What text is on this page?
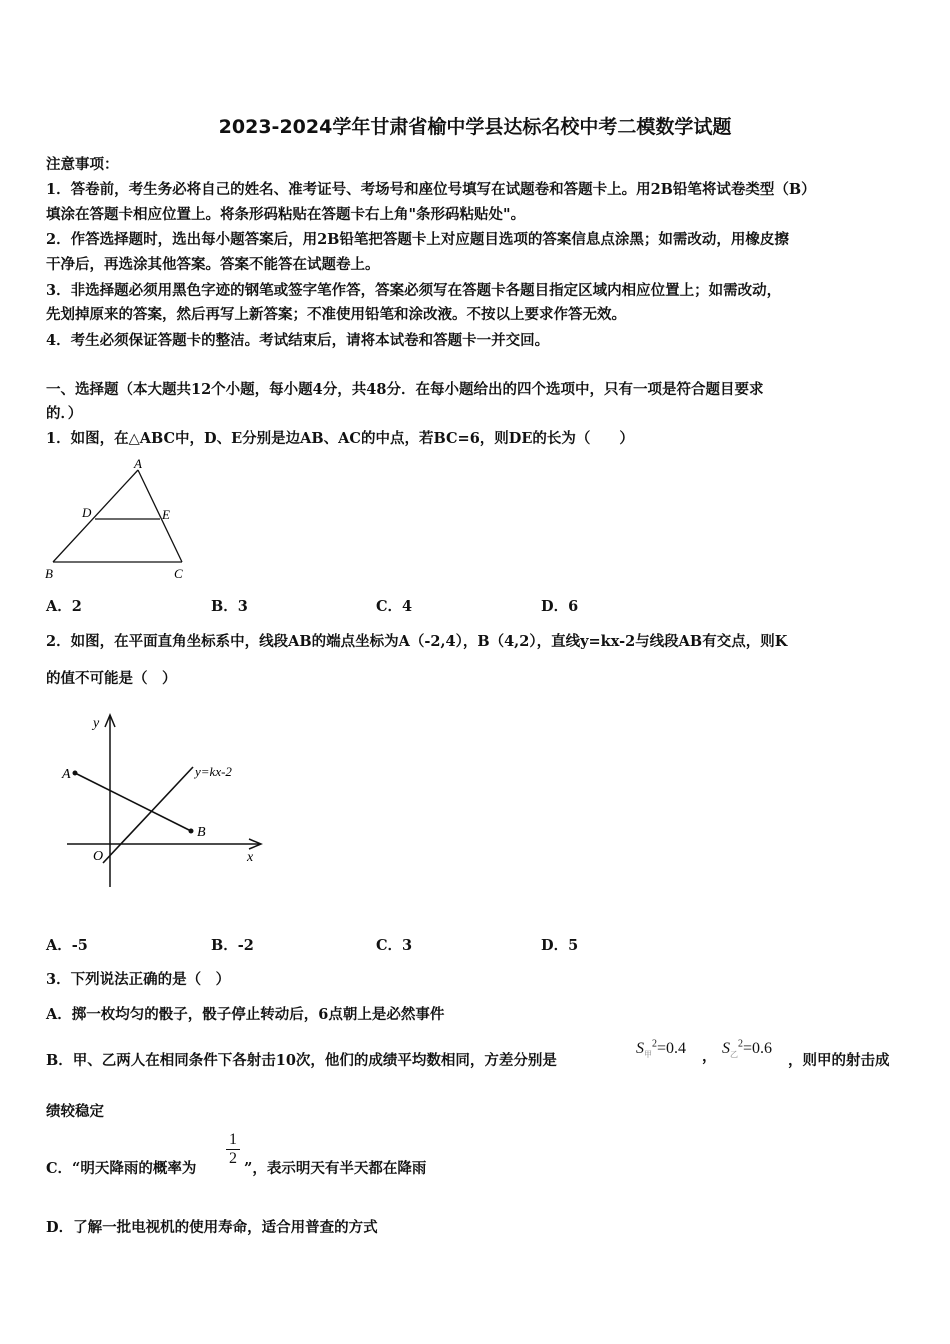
2023-2024学年甘肃省榆中学县达标名校中考二模数学试题
注意事项：
1．答卷前，考生务必将自己的姓名、准考证号、考场号和座位号填写在试题卷和答题卡上。用2B铅笔将试卷类型（B）
填涂在答题卡相应位置上。将条形码粘贴在答题卡右上角"条形码粘贴处"。
2．作答选择题时，选出每小题答案后，用2B铅笔把答题卡上对应题目选项的答案信息点涂黑；如需改动，用橡皮擦
干净后，再选涂其他答案。答案不能答在试题卷上。
3．非选择题必须用黑色字迹的钢笔或签字笔作答，答案必须写在答题卡各题目指定区域内相应位置上；如需改动，
先划掉原来的答案，然后再写上新答案；不准使用铅笔和涂改液。不按以上要求作答无效。
4．考生必须保证答题卡的整洁。考试结束后，请将本试卷和答题卡一并交回。
一、选择题（本大题共12个小题，每小题4分，共48分．在每小题给出的四个选项中，只有一项是符合题目要求
的．）
1．如图，在△ABC中，D、E分别是边AB、AC的中点，若BC=6，则DE的长为（　　）
A
D	E
B	C
A．2	B．3	C．4	D．6
2．如图，在平面直角坐标系中，线段AB的端点坐标为A（-2,4），B（4,2），直线y=kx-2与线段AB有交点，则K
的值不可能是（　）
y
x
O
A
B
y=kx-2
A．-5	B．-2	C．3	D．5
3．下列说法正确的是（　）
A．掷一枚均匀的骰子，骰子停止转动后，6点朝上是必然事件
B．甲、乙两人在相同条件下各射击10次，他们的成绩平均数相同，方差分别是
$S_甲^2=0.4$ ， $S_乙^2=0.6$
，则甲的射击成
绩较稳定
C．“明天降雨的概率为
$\frac{1}{2}$
”，表示明天有半天都在降雨
D．了解一批电视机的使用寿命，适合用普查的方式
